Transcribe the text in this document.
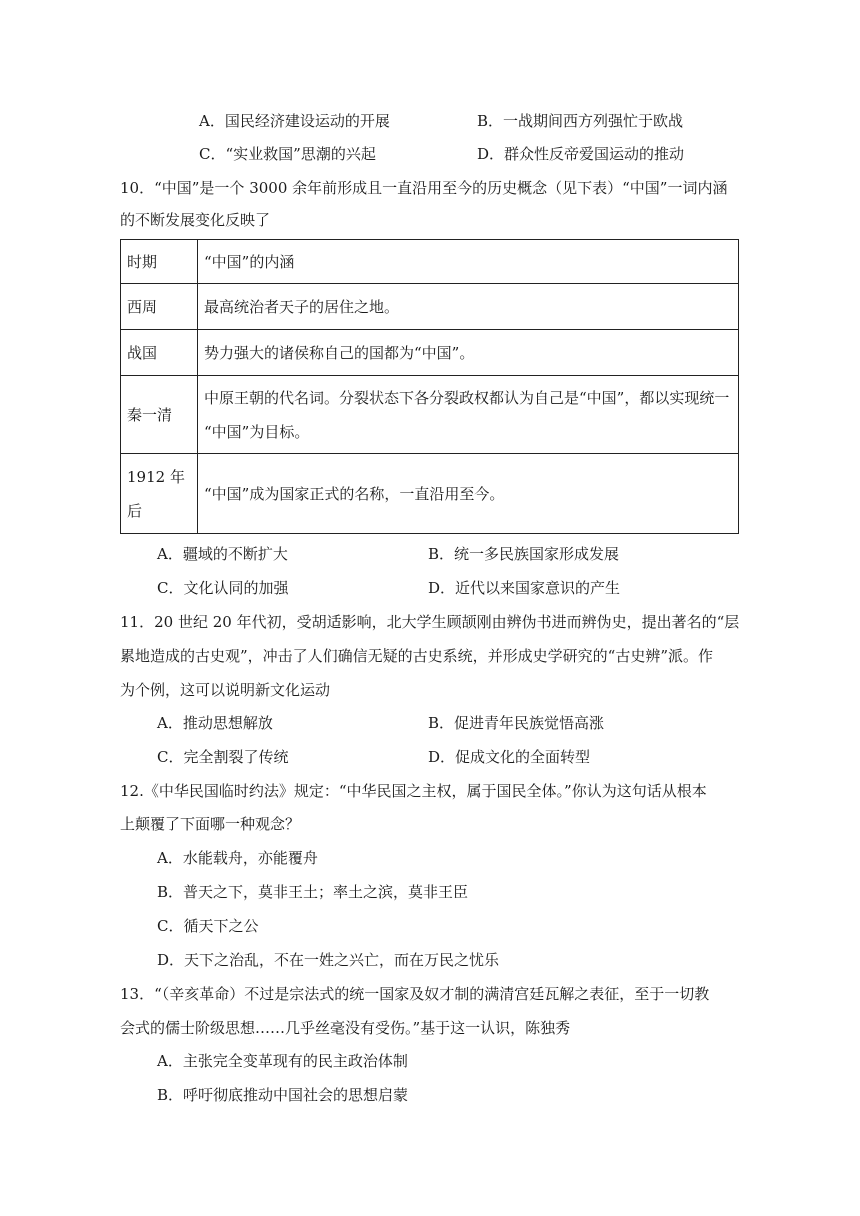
A．国民经济建设运动的开展	B．一战期间西方列强忙于欧战
C．“实业救国”思潮的兴起	D．群众性反帝爱国运动的推动
10．“中国”是一个 3000 余年前形成且一直沿用至今的历史概念（见下表）“中国”一词内涵
的不断发展变化反映了
时期	“中国”的内涵
西周	最高统治者天子的居住之地。
战国	势力强大的诸侯称自己的国都为“中国”。
秦一清	中原王朝的代名词。分裂状态下各分裂政权都认为自己是“中国”，都以实现统一
“中国”为目标。

1912 年
后	“中国”成为国家正式的名称，一直沿用至今。
A．疆域的不断扩大	B．统一多民族国家形成发展
C．文化认同的加强	D．近代以来国家意识的产生
11．20 世纪 20 年代初，受胡适影响，北大学生顾颉刚由辨伪书进而辨伪史，提出著名的“层
累地造成的古史观”，冲击了人们确信无疑的古史系统，并形成史学研究的“古史辨”派。作
为个例，这可以说明新文化运动
A．推动思想解放	B．促进青年民族觉悟高涨
C．完全割裂了传统	D．促成文化的全面转型
12.《中华民国临时约法》规定：“中华民国之主权，属于国民全体。”你认为这句话从根本
上颠覆了下面哪一种观念？
A．水能载舟，亦能覆舟
B．普天之下，莫非王土；率土之滨，莫非王臣
C．循天下之公
D．天下之治乱，不在一姓之兴亡，而在万民之忧乐
13．“（辛亥革命）不过是宗法式的统一国家及奴才制的满清宫廷瓦解之表征，至于一切教
会式的儒士阶级思想……几乎丝毫没有受伤。”基于这一认识，陈独秀
A．主张完全变革现有的民主政治体制
B．呼吁彻底推动中国社会的思想启蒙
